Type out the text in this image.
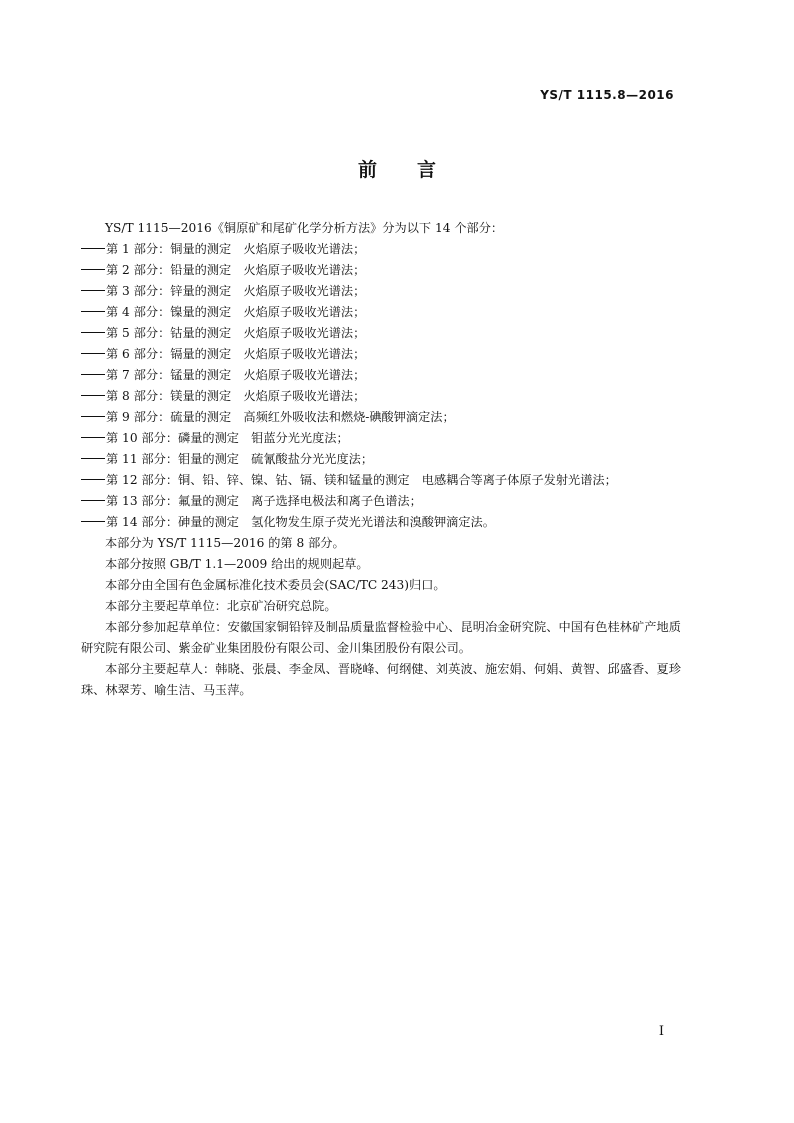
YS/T 1115.8—2016
前言

YS/T 1115—2016《铜原矿和尾矿化学分析方法》分为以下 14 个部分：

第 1 部分：铜量的测定　火焰原子吸收光谱法；

第 2 部分：铅量的测定　火焰原子吸收光谱法；

第 3 部分：锌量的测定　火焰原子吸收光谱法；

第 4 部分：镍量的测定　火焰原子吸收光谱法；

第 5 部分：钴量的测定　火焰原子吸收光谱法；

第 6 部分：镉量的测定　火焰原子吸收光谱法；

第 7 部分：锰量的测定　火焰原子吸收光谱法；

第 8 部分：镁量的测定　火焰原子吸收光谱法；

第 9 部分：硫量的测定　高频红外吸收法和燃烧-碘酸钾滴定法；

第 10 部分：磷量的测定　钼蓝分光光度法；

第 11 部分：钼量的测定　硫氰酸盐分光光度法；

第 12 部分：铜、铅、锌、镍、钴、镉、镁和锰量的测定　电感耦合等离子体原子发射光谱法；

第 13 部分：氟量的测定　离子选择电极法和离子色谱法；

第 14 部分：砷量的测定　氢化物发生原子荧光光谱法和溴酸钾滴定法。

本部分为 YS/T 1115—2016 的第 8 部分。

本部分按照 GB/T 1.1—2009 给出的规则起草。

本部分由全国有色金属标准化技术委员会(SAC/TC 243)归口。

本部分主要起草单位：北京矿冶研究总院。

本部分参加起草单位：安徽国家铜铅锌及制品质量监督检验中心、昆明冶金研究院、中国有色桂林矿产地质研究院有限公司、紫金矿业集团股份有限公司、金川集团股份有限公司。

本部分主要起草人：韩晓、张晨、李金凤、晋晓峰、何纲健、刘英波、施宏娟、何娟、黄智、邱盛香、夏珍珠、林翠芳、喻生洁、马玉萍。

I
